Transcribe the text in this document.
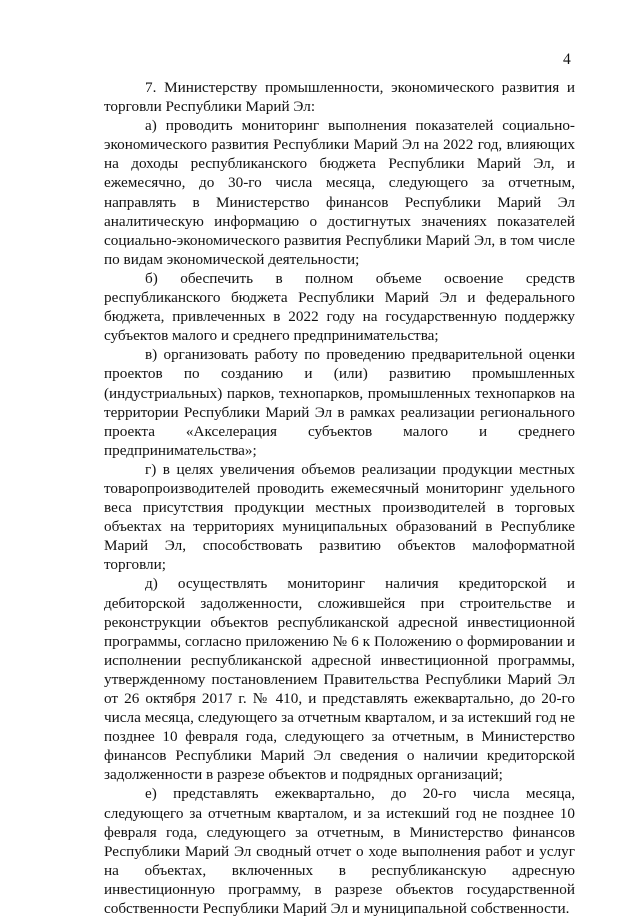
4

7. Министерству промышленности, экономического развития и торговли Республики Марий Эл:

а) проводить мониторинг выполнения показателей социально-экономического развития Республики Марий Эл на 2022 год, влияющих на доходы республиканского бюджета Республики Марий Эл, и ежемесячно, до 30-го числа месяца, следующего за отчетным, направлять в Министерство финансов Республики Марий Эл аналитическую информацию о достигнутых значениях показателей социально-экономического развития Республики Марий Эл, в том числе по видам экономической деятельности;

б) обеспечить в полном объеме освоение средств республиканского бюджета Республики Марий Эл и федерального бюджета, привлеченных в 2022 году на государственную поддержку субъектов малого и среднего предпринимательства;

в) организовать работу по проведению предварительной оценки проектов по созданию и (или) развитию промышленных (индустриальных) парков, технопарков, промышленных технопарков на территории Республики Марий Эл в рамках реализации регионального проекта «Акселерация субъектов малого и среднего предпринимательства»;

г) в целях увеличения объемов реализации продукции местных товаропроизводителей проводить ежемесячный мониторинг удельного веса присутствия продукции местных производителей в торговых объектах на территориях муниципальных образований в Республике Марий Эл, способствовать развитию объектов малоформатной торговли;

д) осуществлять мониторинг наличия кредиторской и дебиторской задолженности, сложившейся при строительстве и реконструкции объектов республиканской адресной инвестиционной программы, согласно приложению № 6 к Положению о формировании и исполнении республиканской адресной инвестиционной программы, утвержденному постановлением Правительства Республики Марий Эл от 26 октября 2017 г. № 410, и представлять ежеквартально, до 20-го числа месяца, следующего за отчетным кварталом, и за истекший год не позднее 10 февраля года, следующего за отчетным, в Министерство финансов Республики Марий Эл сведения о наличии кредиторской задолженности в разрезе объектов и подрядных организаций;

е) представлять ежеквартально, до 20-го числа месяца, следующего за отчетным кварталом, и за истекший год не позднее 10 февраля года, следующего за отчетным, в Министерство финансов Республики Марий Эл сводный отчет о ходе выполнения работ и услуг на объектах, включенных в республиканскую адресную инвестиционную программу, в разрезе объектов государственной собственности Республики Марий Эл и муниципальной собственности.
